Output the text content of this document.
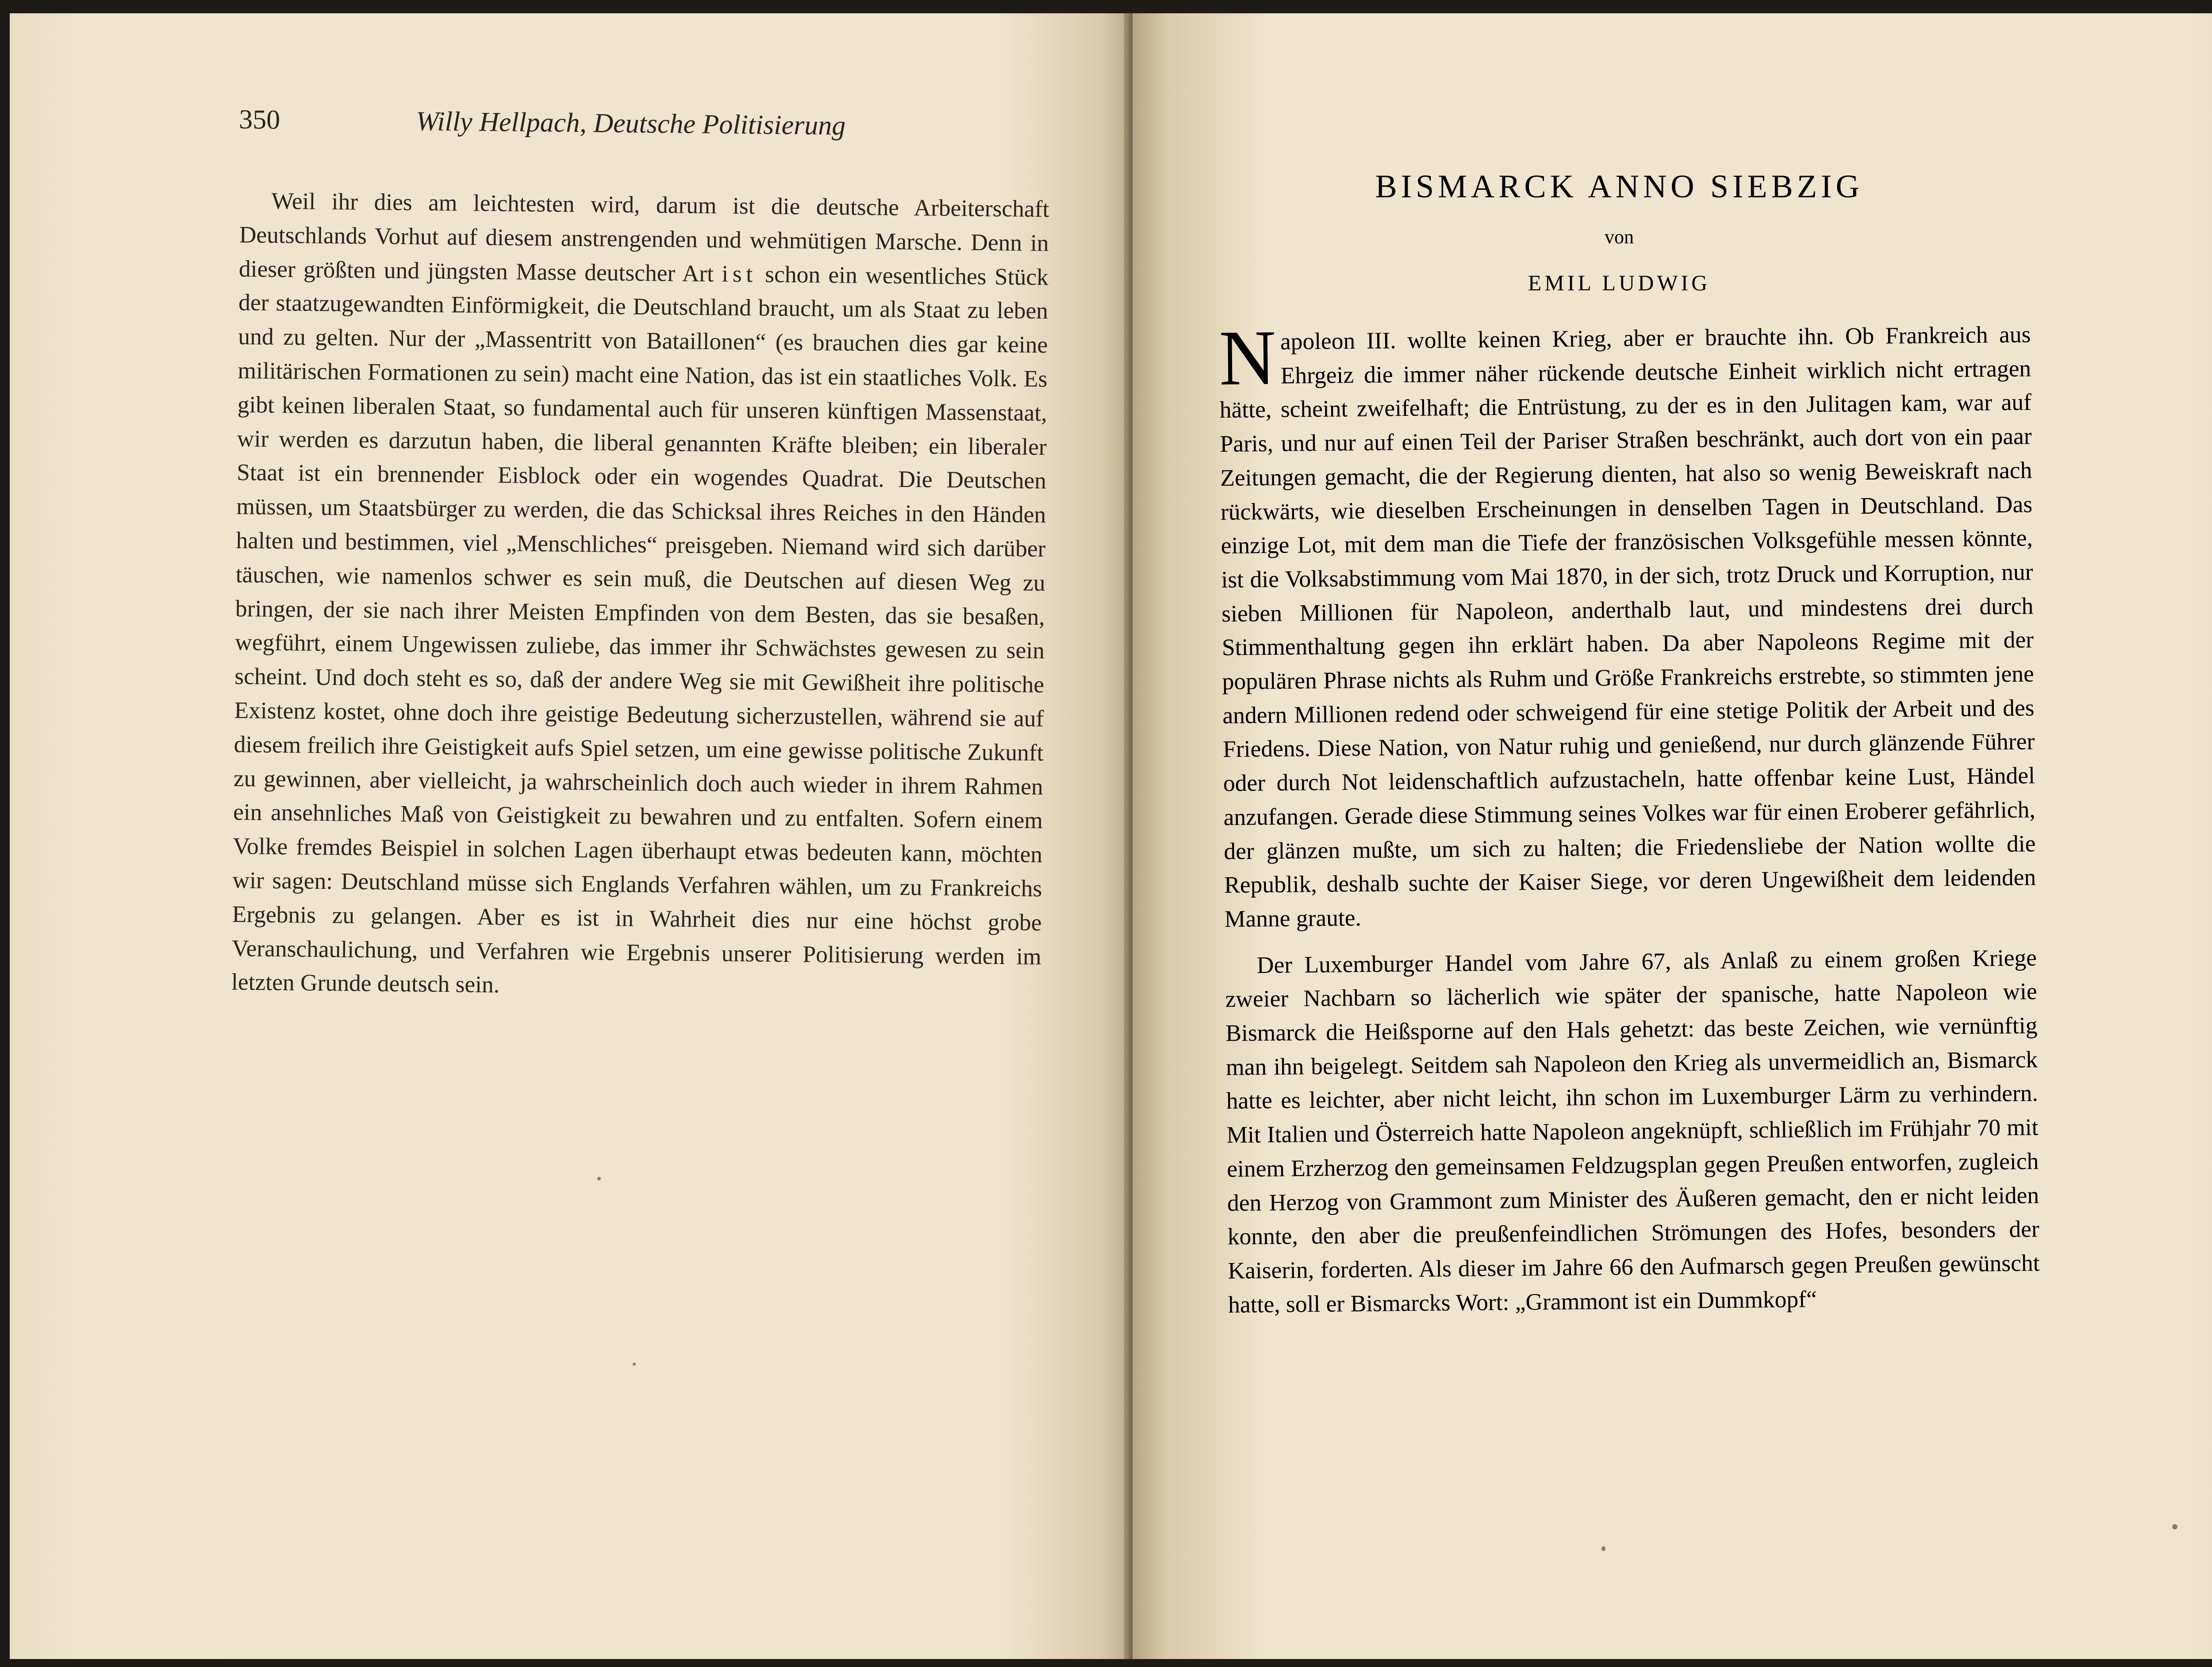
350	Willy Hellpach, Deutsche Politisierung

Weil ihr dies am leichtesten wird, darum ist die deutsche Arbeiterschaft Deutschlands Vorhut auf diesem anstrengenden und wehmütigen Marsche. Denn in dieser größten und jüngsten Masse deutscher Art ist schon ein wesentliches Stück der staatzugewandten Einförmigkeit, die Deutschland braucht, um als Staat zu leben und zu gelten. Nur der „Massentritt von Bataillonen“ (es brauchen dies gar keine militärischen Formationen zu sein) macht eine Nation, das ist ein staatliches Volk. Es gibt keinen liberalen Staat, so fundamental auch für unseren künftigen Massenstaat, wir werden es darzutun haben, die liberal genannten Kräfte bleiben; ein liberaler Staat ist ein brennender Eisblock oder ein wogendes Quadrat. Die Deutschen müssen, um Staatsbürger zu werden, die das Schicksal ihres Reiches in den Händen halten und bestimmen, viel „Menschliches“ preisgeben. Niemand wird sich darüber täuschen, wie namenlos schwer es sein muß, die Deutschen auf diesen Weg zu bringen, der sie nach ihrer Meisten Empfinden von dem Besten, das sie besaßen, wegführt, einem Ungewissen zuliebe, das immer ihr Schwächstes gewesen zu sein scheint. Und doch steht es so, daß der andere Weg sie mit Gewißheit ihre politische Existenz kostet, ohne doch ihre geistige Bedeutung sicherzustellen, während sie auf diesem freilich ihre Geistigkeit aufs Spiel setzen, um eine gewisse politische Zukunft zu gewinnen, aber vielleicht, ja wahrscheinlich doch auch wieder in ihrem Rahmen ein ansehnliches Maß von Geistigkeit zu bewahren und zu entfalten. Sofern einem Volke fremdes Beispiel in solchen Lagen überhaupt etwas bedeuten kann, möchten wir sagen: Deutschland müsse sich Englands Verfahren wählen, um zu Frankreichs Ergebnis zu gelangen. Aber es ist in Wahrheit dies nur eine höchst grobe Veranschaulichung, und Verfahren wie Ergebnis unserer Politisierung werden im letzten Grunde deutsch sein.

BISMARCK ANNO SIEBZIG
von
EMIL LUDWIG

Napoleon III. wollte keinen Krieg, aber er brauchte ihn. Ob Frankreich aus Ehrgeiz die immer näher rückende deutsche Einheit wirklich nicht ertragen hätte, scheint zweifelhaft; die Entrüstung, zu der es in den Julitagen kam, war auf Paris, und nur auf einen Teil der Pariser Straßen beschränkt, auch dort von ein paar Zeitungen gemacht, die der Regierung dienten, hat also so wenig Beweiskraft nach rückwärts, wie dieselben Erscheinungen in denselben Tagen in Deutschland. Das einzige Lot, mit dem man die Tiefe der französischen Volksgefühle messen könnte, ist die Volksabstimmung vom Mai 1870, in der sich, trotz Druck und Korruption, nur sieben Millionen für Napoleon, anderthalb laut, und mindestens drei durch Stimmenthaltung gegen ihn erklärt haben. Da aber Napoleons Regime mit der populären Phrase nichts als Ruhm und Größe Frankreichs erstrebte, so stimmten jene andern Millionen redend oder schweigend für eine stetige Politik der Arbeit und des Friedens. Diese Nation, von Natur ruhig und genießend, nur durch glänzende Führer oder durch Not leidenschaftlich aufzustacheln, hatte offenbar keine Lust, Händel anzufangen. Gerade diese Stimmung seines Volkes war für einen Eroberer gefährlich, der glänzen mußte, um sich zu halten; die Friedensliebe der Nation wollte die Republik, deshalb suchte der Kaiser Siege, vor deren Ungewißheit dem leidenden Manne graute.

Der Luxemburger Handel vom Jahre 67, als Anlaß zu einem großen Kriege zweier Nachbarn so lächerlich wie später der spanische, hatte Napoleon wie Bismarck die Heißsporne auf den Hals gehetzt: das beste Zeichen, wie vernünftig man ihn beigelegt. Seitdem sah Napoleon den Krieg als unvermeidlich an, Bismarck hatte es leichter, aber nicht leicht, ihn schon im Luxemburger Lärm zu verhindern. Mit Italien und Österreich hatte Napoleon angeknüpft, schließlich im Frühjahr 70 mit einem Erzherzog den gemeinsamen Feldzugsplan gegen Preußen entworfen, zugleich den Herzog von Grammont zum Minister des Äußeren gemacht, den er nicht leiden konnte, den aber die preußenfeindlichen Strömungen des Hofes, besonders der Kaiserin, forderten. Als dieser im Jahre 66 den Aufmarsch gegen Preußen gewünscht hatte, soll er Bismarcks Wort: „Grammont ist ein Dummkopf“
